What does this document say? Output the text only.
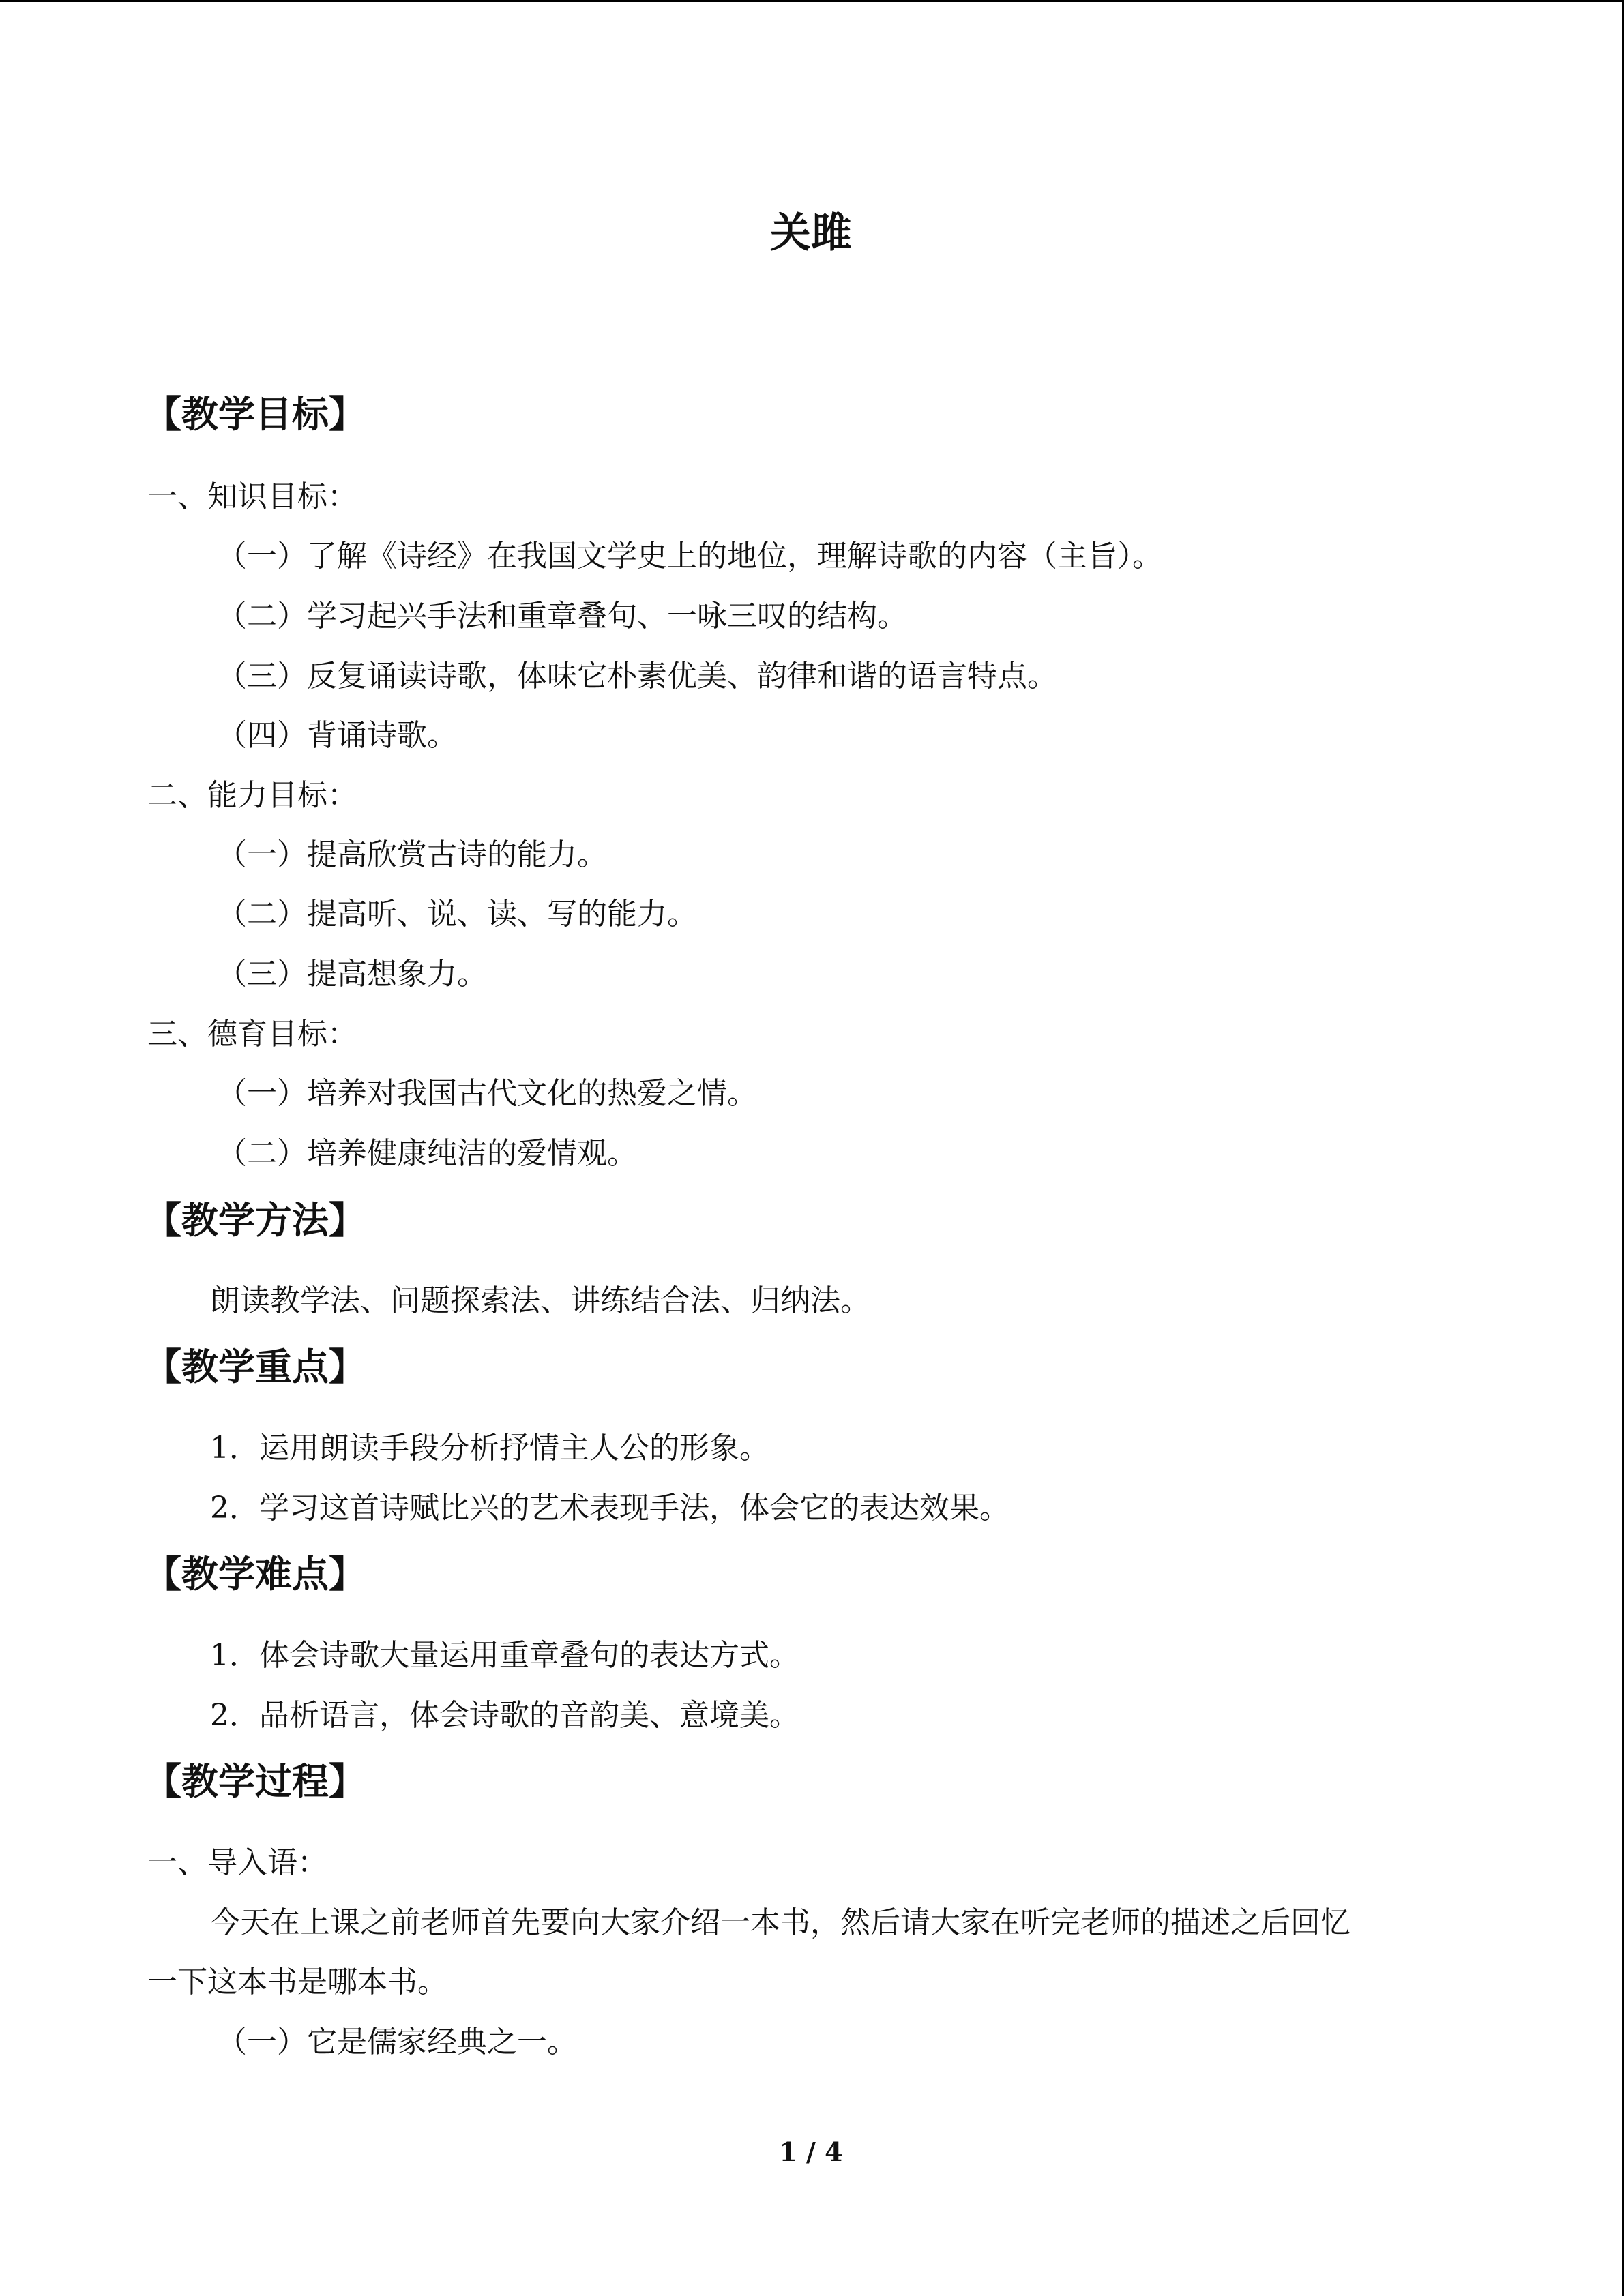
关雎
【教学目标】
一、知识目标：
（一）了解《诗经》在我国文学史上的地位，理解诗歌的内容（主旨）。
（二）学习起兴手法和重章叠句、一咏三叹的结构。
（三）反复诵读诗歌，体味它朴素优美、韵律和谐的语言特点。
（四）背诵诗歌。
二、能力目标：
（一）提高欣赏古诗的能力。
（二）提高听、说、读、写的能力。
（三）提高想象力。
三、德育目标：
（一）培养对我国古代文化的热爱之情。
（二）培养健康纯洁的爱情观。
【教学方法】
朗读教学法、问题探索法、讲练结合法、归纳法。
【教学重点】
1．运用朗读手段分析抒情主人公的形象。
2．学习这首诗赋比兴的艺术表现手法，体会它的表达效果。
【教学难点】
1．体会诗歌大量运用重章叠句的表达方式。
2．品析语言，体会诗歌的音韵美、意境美。
【教学过程】
一、导入语：
今天在上课之前老师首先要向大家介绍一本书，然后请大家在听完老师的描述之后回忆
一下这本书是哪本书。
（一）它是儒家经典之一。
1 / 4
